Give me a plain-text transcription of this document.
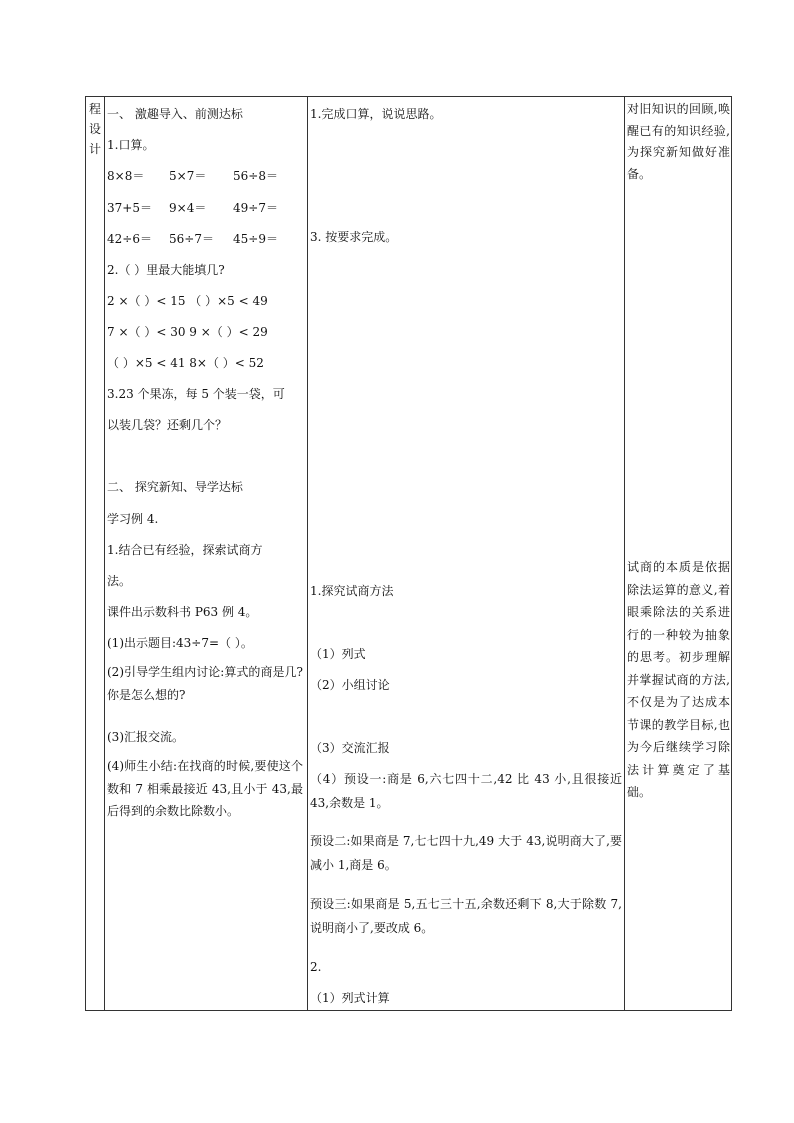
程
设
计
一、 激趣导入、前测达标
1.口算。
8×8＝ 5×7＝ 56÷8＝
37+5＝ 9×4＝ 49÷7＝
42÷6＝ 56÷7＝ 45÷9＝
2.（ ）里最大能填几?
2 ×（ ）< 15 （ ）×5 < 49
7 ×（ ）< 30 9 ×（ ）< 29
（ ）×5 < 41 8×（ ）< 52
3.23 个果冻，每 5 个装一袋，可
以装几袋？还剩几个？
二、 探究新知、导学达标
学习例 4.
1.结合已有经验，探索试商方
法。
课件出示数科书 P63 例 4。
(1)出示题目:43÷7=（ ）。
(2)引导学生组内讨论:算式的商是几?你是怎么想的?
(3)汇报交流。
(4)师生小结:在找商的时候,要使这个数和 7 相乘最接近 43,且小于 43,最后得到的余数比除数小。
1.完成口算，说说思路。
3. 按要求完成。
1.探究试商方法
（1）列式
（2）小组讨论
（3）交流汇报
（4）预设一:商是 6,六七四十二,42 比 43 小,且很接近 43,余数是 1。
预设二:如果商是 7,七七四十九,49 大于 43,说明商大了,要减小 1,商是 6。
预设三:如果商是 5,五七三十五,余数还剩下 8,大于除数 7,说明商小了,要改成 6。
2.
（1）列式计算
对旧知识的回顾,唤醒已有的知识经验,为探究新知做好准备。
试商的本质是依据除法运算的意义,着眼乘除法的关系进行的一种较为抽象的思考。初步理解并掌握试商的方法,不仅是为了达成本节课的教学目标,也为今后继续学习除法计算奠定了基础。
